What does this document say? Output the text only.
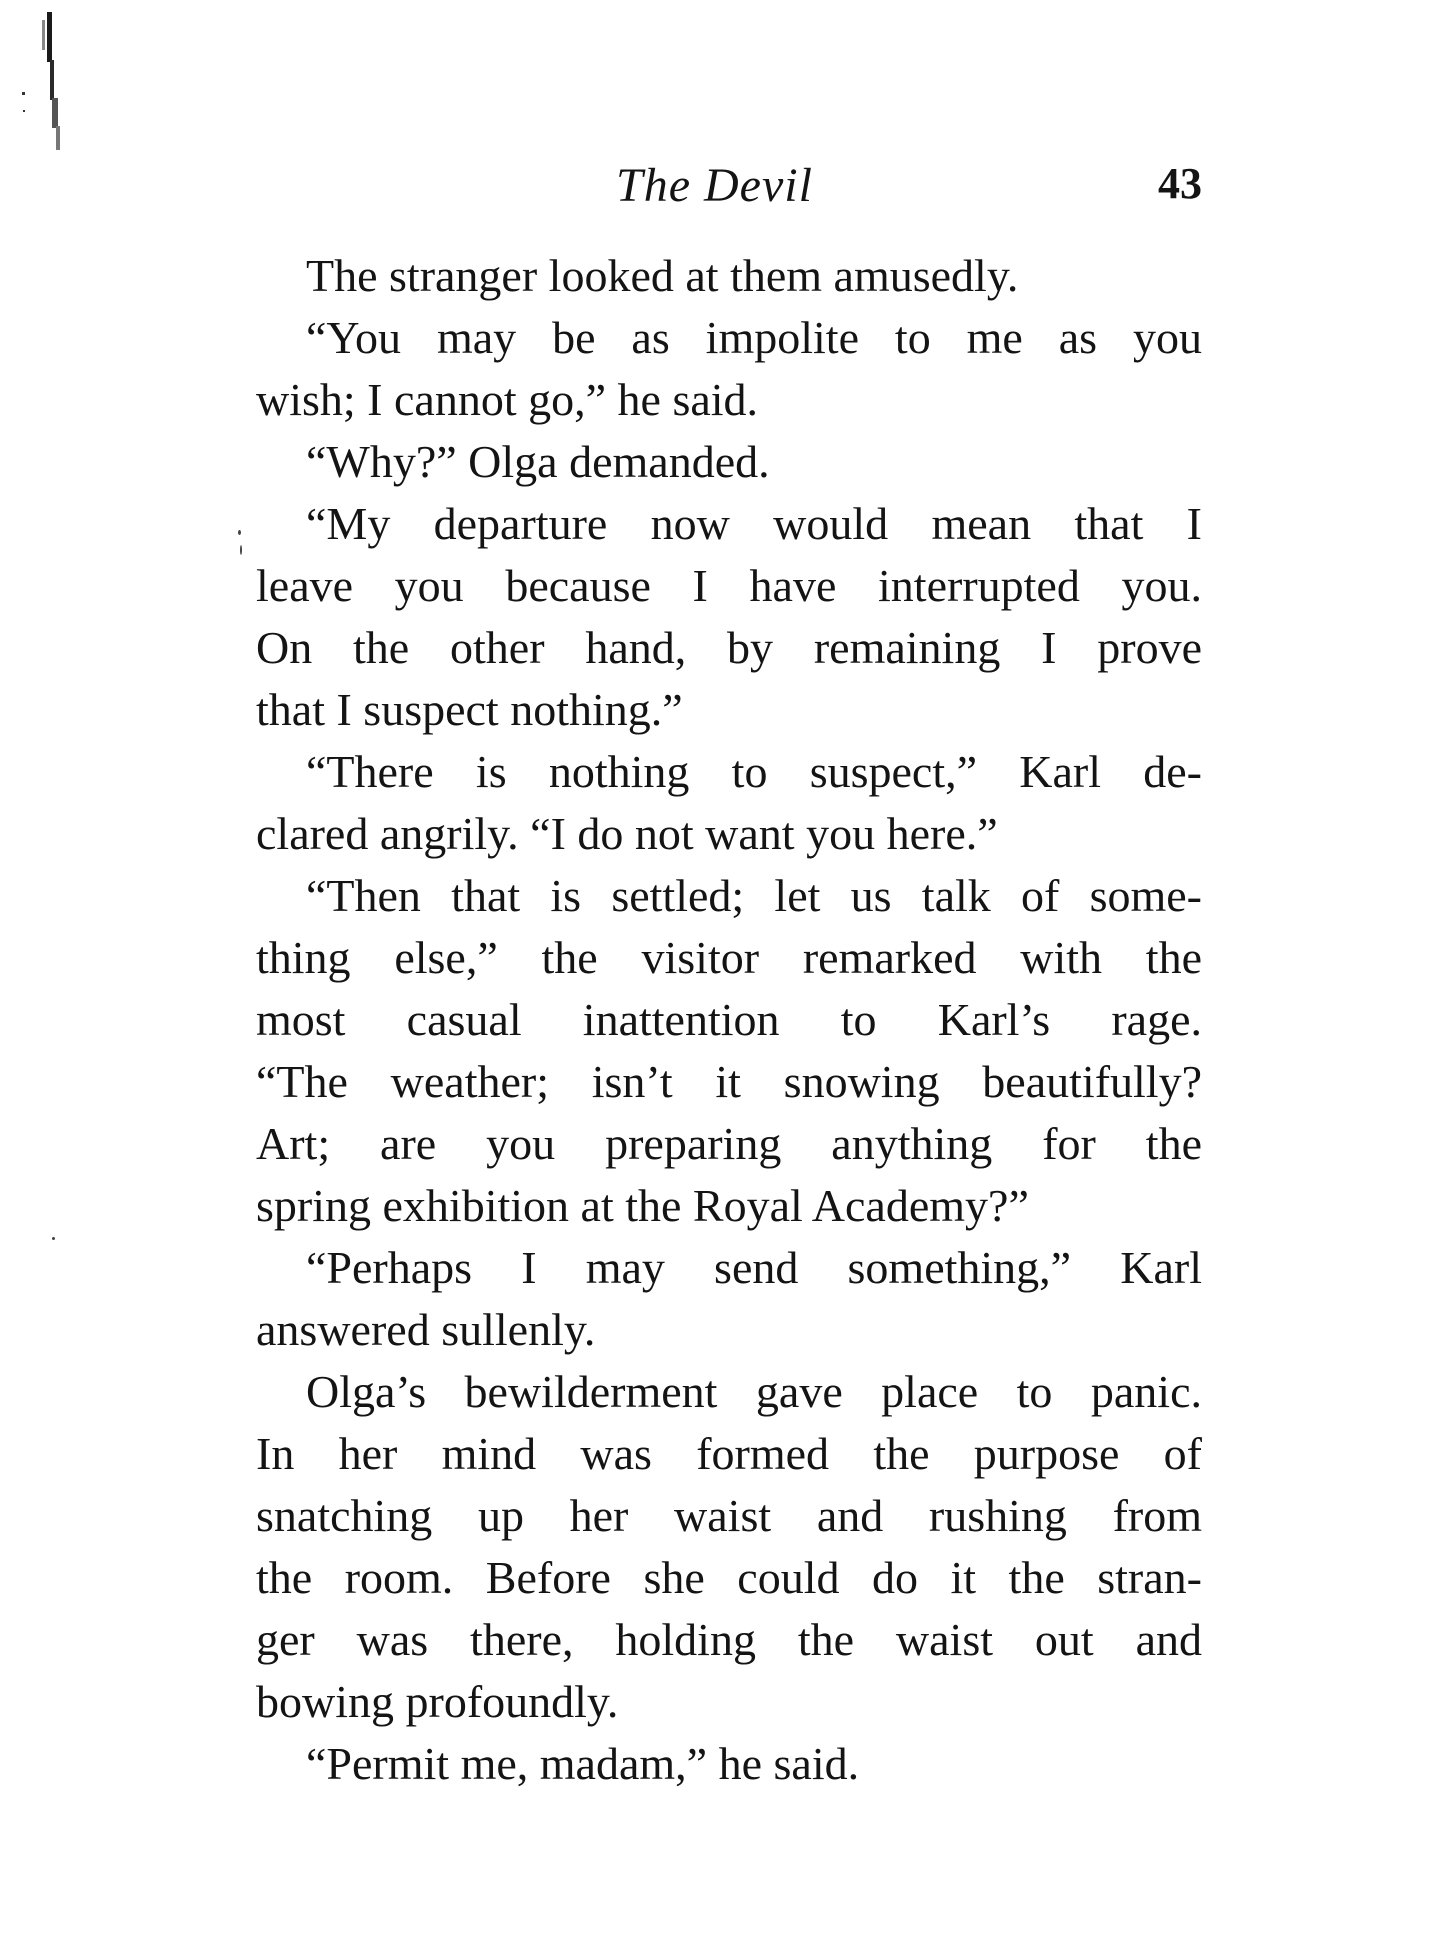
The Devil	43
The stranger looked at them amusedly.
“You may be as impolite to me as you
wish; I cannot go,” he said.
“Why?” Olga demanded.
“My departure now would mean that I
leave you because I have interrupted you.
On the other hand, by remaining I prove
that I suspect nothing.”
“There is nothing to suspect,” Karl de-
clared angrily. “I do not want you here.”
“Then that is settled; let us talk of some-
thing else,” the visitor remarked with the
most casual inattention to Karl’s rage.
“The weather; isn’t it snowing beautifully?
Art; are you preparing anything for the
spring exhibition at the Royal Academy?”
“Perhaps I may send something,” Karl
answered sullenly.
Olga’s bewilderment gave place to panic.
In her mind was formed the purpose of
snatching up her waist and rushing from
the room. Before she could do it the stran-
ger was there, holding the waist out and
bowing profoundly.
“Permit me, madam,” he said.
